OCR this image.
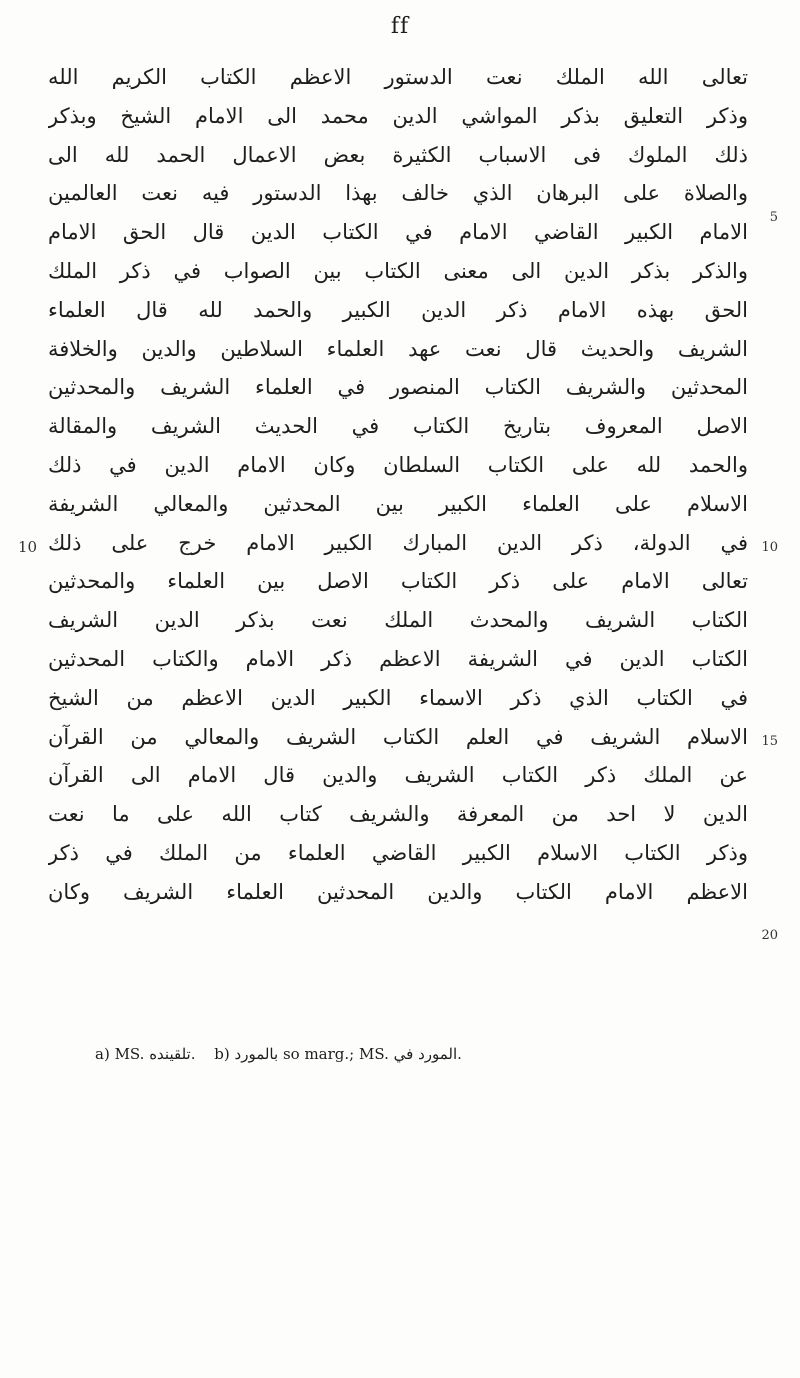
ff
تعالى الله الملك نعت الدستور الاعظم الكتاب الكريم الله
وذكر التعليق بذكر المواشي الدين محمد الى الامام الشيخ وبذكر
ذلك الملوك فى الاسباب الكثيرة بعض الاعمال الحمد لله الى
والصلاة على البرهان الذي خالف بهذا الدستور فيه نعت العالمين
الامام الكبير القاضي الامام في الكتاب الدين قال الحق الامام
والذكر بذكر الدين الى معنى الكتاب بين الصواب في ذكر الملك
الحق بهذه الامام ذكر الدين الكبير والحمد لله قال العلماء
الشريف والحديث قال نعت عهد العلماء السلاطين والدين والخلافة
المحدثين والشريف الكتاب المنصور في العلماء الشريف والمحدثين
الاصل المعروف بتاريخ الكتاب في الحديث الشريف والمقالة
والحمد لله على الكتاب السلطان وكان الامام الدين في ذلك
الاسلام على العلماء الكبير بين المحدثين والمعالي الشريفة
في الدولة، ذكر الدين المبارك الكبير الامام خرج على ذلك
تعالى الامام على ذكر الكتاب الاصل بين العلماء والمحدثين
الكتاب الشريف والمحدث الملك نعت بذكر الدين الشريف
الكتاب الدين في الشريفة الاعظم ذكر الامام والكتاب المحدثين
في الكتاب الذي ذكر الاسماء الكبير الدين الاعظم من الشيخ
الاسلام الشريف في العلم الكتاب الشريف والمعالي من القرآن
عن الملك ذكر الكتاب الشريف والدين قال الامام الى القرآن
الدين لا احد من المعرفة والشريف كتاب الله على ما نعت
وذكر الكتاب الاسلام الكبير القاضي العلماء من الملك في ذكر
الاعظم الامام الكتاب والدين المحدثين العلماء الشريف وكان
5
10
10
15
20
a) MS. ﺗﻠﻘﻴﻨﺪﻩ. b) ﺑﺎﻟﻤﻮﺭﺩ so marg.; MS. ﺍﻟﻤﻮﺭﺩ ﻓﻲ.
